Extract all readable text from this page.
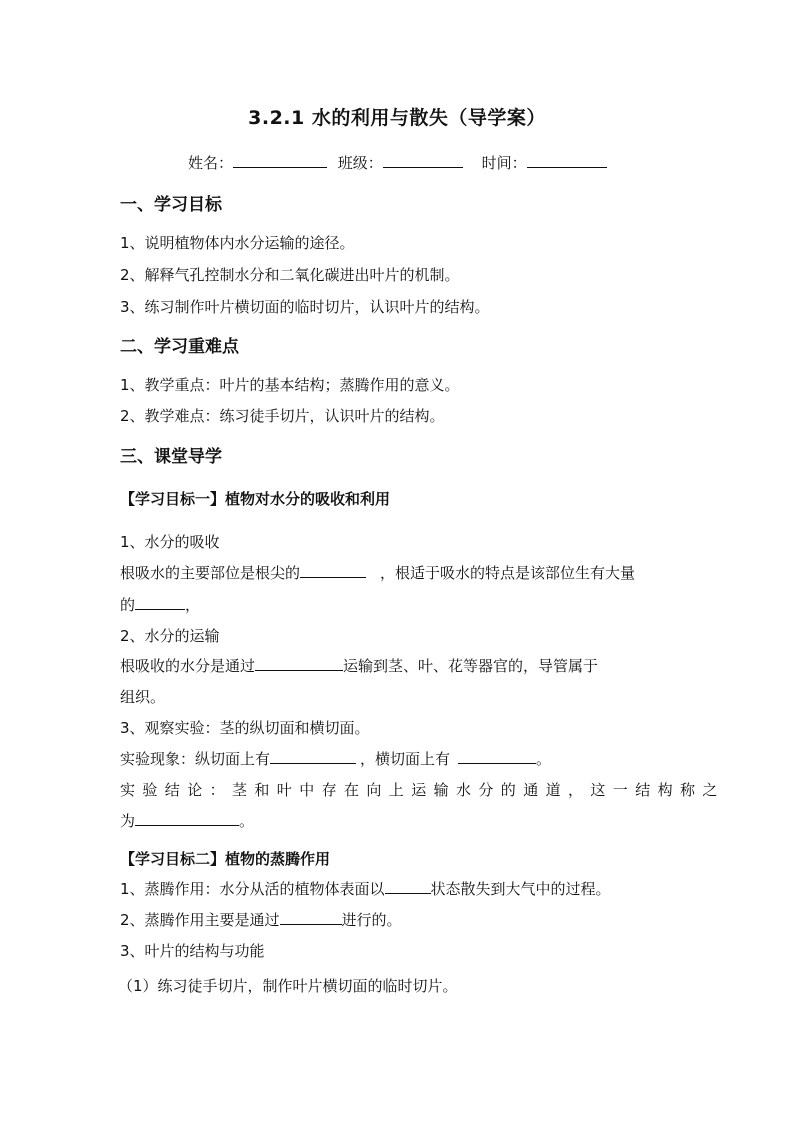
3.2.1 水的利用与散失（导学案）
姓名：	班级：	时间：
一、学习目标
1、说明植物体内水分运输的途径。
2、解释气孔控制水分和二氧化碳进出叶片的机制。
3、练习制作叶片横切面的临时切片，认识叶片的结构。
二、学习重难点
1、教学重点：叶片的基本结构；蒸腾作用的意义。
2、教学难点：练习徒手切片，认识叶片的结构。
三、课堂导学
【学习目标一】植物对水分的吸收和利用
1、水分的吸收
根吸水的主要部位是根尖的	，根适于吸水的特点是该部位生有大量
的	，
2、水分的运输
根吸收的水分是通过	运输到茎、叶、花等器官的，导管属于
组织。
3、观察实验：茎的纵切面和横切面。
实验现象：纵切面上有	，横切面上有	。
实验结论：茎和叶中存在向上运输水分的通道，这一结构称之
为	。
【学习目标二】植物的蒸腾作用
1、蒸腾作用：水分从活的植物体表面以	状态散失到大气中的过程。
2、蒸腾作用主要是通过	进行的。
3、叶片的结构与功能
（1）练习徒手切片，制作叶片横切面的临时切片。
